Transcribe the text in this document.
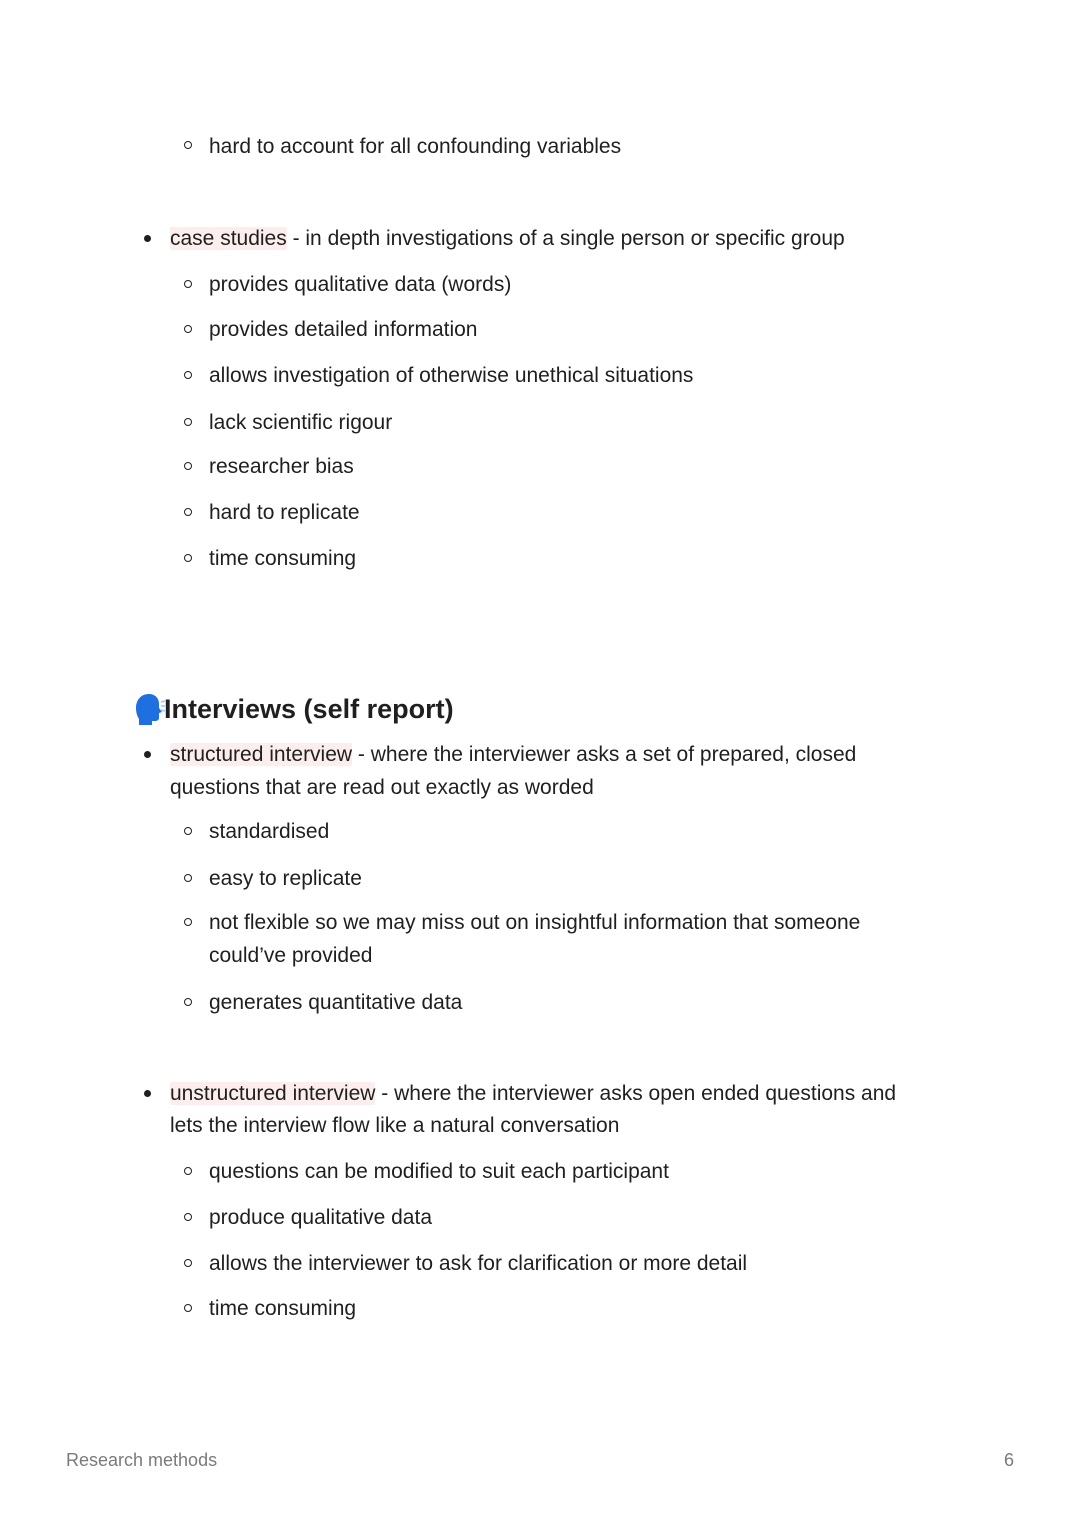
hard to account for all confounding variables
case studies - in depth investigations of a single person or specific group
provides qualitative data (words)
provides detailed information
allows investigation of otherwise unethical situations
lack scientific rigour
researcher bias
hard to replicate
time consuming
Interviews (self report)
structured interview - where the interviewer asks a set of prepared, closed
questions that are read out exactly as worded
standardised
easy to replicate
not flexible so we may miss out on insightful information that someone
could’ve provided
generates quantitative data
unstructured interview - where the interviewer asks open ended questions and
lets the interview flow like a natural conversation
questions can be modified to suit each participant
produce qualitative data
allows the interviewer to ask for clarification or more detail
time consuming
Research methods	6
